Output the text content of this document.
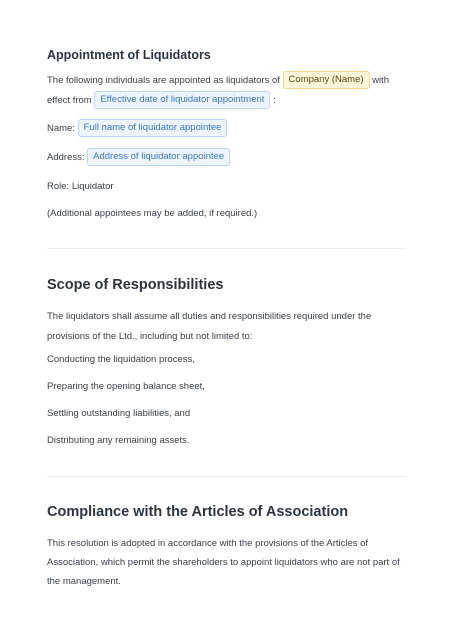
Appointment of Liquidators
The following individuals are appointed as liquidators of Company (Name) with
effect from Effective date of liquidator appointment :
Name: Full name of liquidator appointee
Address: Address of liquidator appointee
Role: Liquidator
(Additional appointees may be added, if required.)
Scope of Responsibilities
The liquidators shall assume all duties and responsibilities required under the provisions of the Ltd., including but not limited to:
Conducting the liquidation process,
Preparing the opening balance sheet,
Settling outstanding liabilities, and
Distributing any remaining assets.
Compliance with the Articles of Association
This resolution is adopted in accordance with the provisions of the Articles of Association, which permit the shareholders to appoint liquidators who are not part of the management.
